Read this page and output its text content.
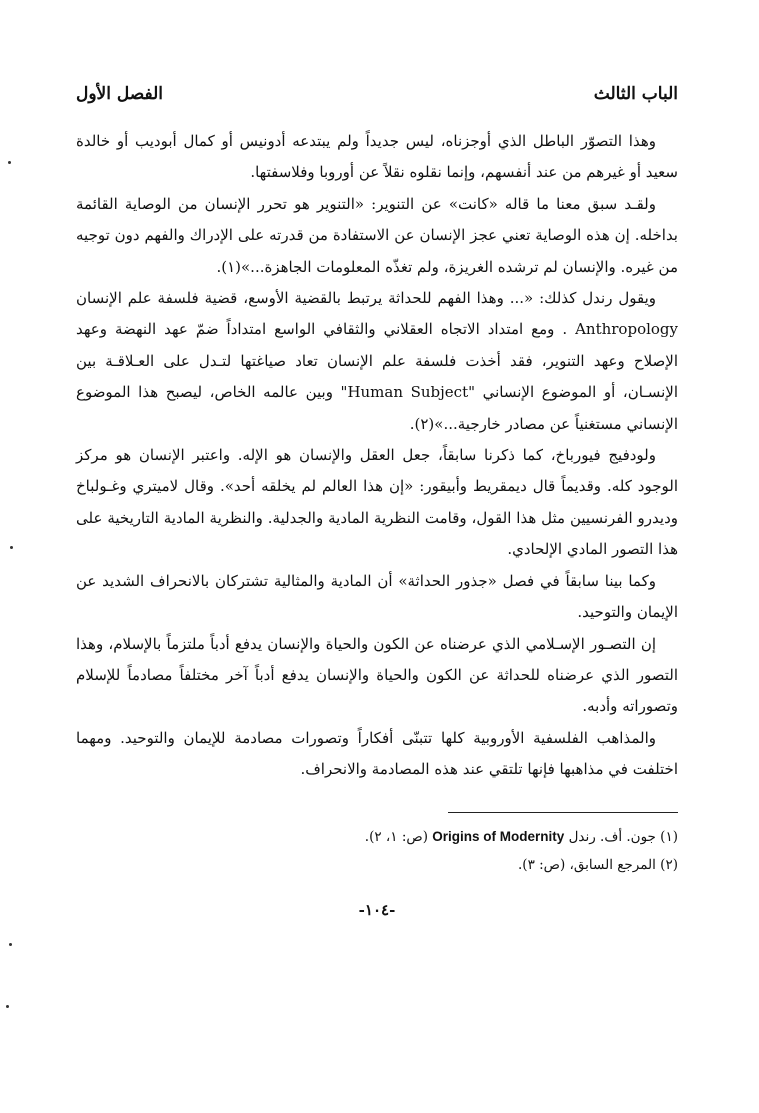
الباب الثالث
الفصل الأول

وهذا التصوّر الباطل الذي أوجزناه، ليس جديداً ولم يبتدعه أدونيس أو كمال أبوديب أو خالدة سعيد أو غيرهم من عند أنفسهم، وإنما نقلوه نقلاً عن أوروبا وفلاسفتها.

ولقـد سبق معنا ما قاله «كانت» عن التنوير: «التنوير هو تحرر الإنسان من الوصاية القائمة بداخله. إن هذه الوصاية تعني عجز الإنسان عن الاستفادة من قدرته على الإدراك والفهم دون توجيه من غيره. والإنسان لم ترشده الغريزة، ولم تغذّه المعلومات الجاهزة...»(١).

ويقول رندل كذلك: «... وهذا الفهم للحداثة يرتبط بالقضية الأوسع، قضية فلسفة علم الإنسان Anthropology . ومع امتداد الاتجاه العقلاني والثقافي الواسع امتداداً ضمّ عهد النهضة وعهد الإصلاح وعهد التنوير، فقد أخذت فلسفة علم الإنسان تعاد صياغتها لتـدل على العـلاقـة بين الإنسـان، أو الموضوع الإنساني "Human Subject" وبين عالمه الخاص، ليصبح هذا الموضوع الإنساني مستغنياً عن مصادر خارجية...»(٢).

ولودفيج فيورباخ، كما ذكرنا سابقاً، جعل العقل والإنسان هو الإله. واعتبر الإنسان هو مركز الوجود كله. وقديماً قال ديمقريط وأبيقور: «إن هذا العالم لم يخلقه أحد». وقال لاميتري وغـولباخ وديدرو الفرنسيين مثل هذا القول، وقامت النظرية المادية والجدلية. والنظرية المادية التاريخية على هذا التصور المادي الإلحادي.

وكما بينا سابقاً في فصل «جذور الحداثة» أن المادية والمثالية تشتركان بالانحراف الشديد عن الإيمان والتوحيد.

إن التصـور الإسـلامي الذي عرضناه عن الكون والحياة والإنسان يدفع أدباً ملتزماً بالإسلام، وهذا التصور الذي عرضناه للحداثة عن الكون والحياة والإنسان يدفع أدباً آخر مختلفاً مصادماً للإسلام وتصوراته وأدبه.

والمذاهب الفلسفية الأوروبية كلها تتبنّى أفكاراً وتصورات مصادمة للإيمان والتوحيد. ومهما اختلفت في مذاهبها فإنها تلتقي عند هذه المصادمة والانحراف.

(١) جون. أف. رندل Origins of Modernity (ص: ١، ٢).

(٢) المرجع السابق، (ص: ٣).

-١٠٤-
